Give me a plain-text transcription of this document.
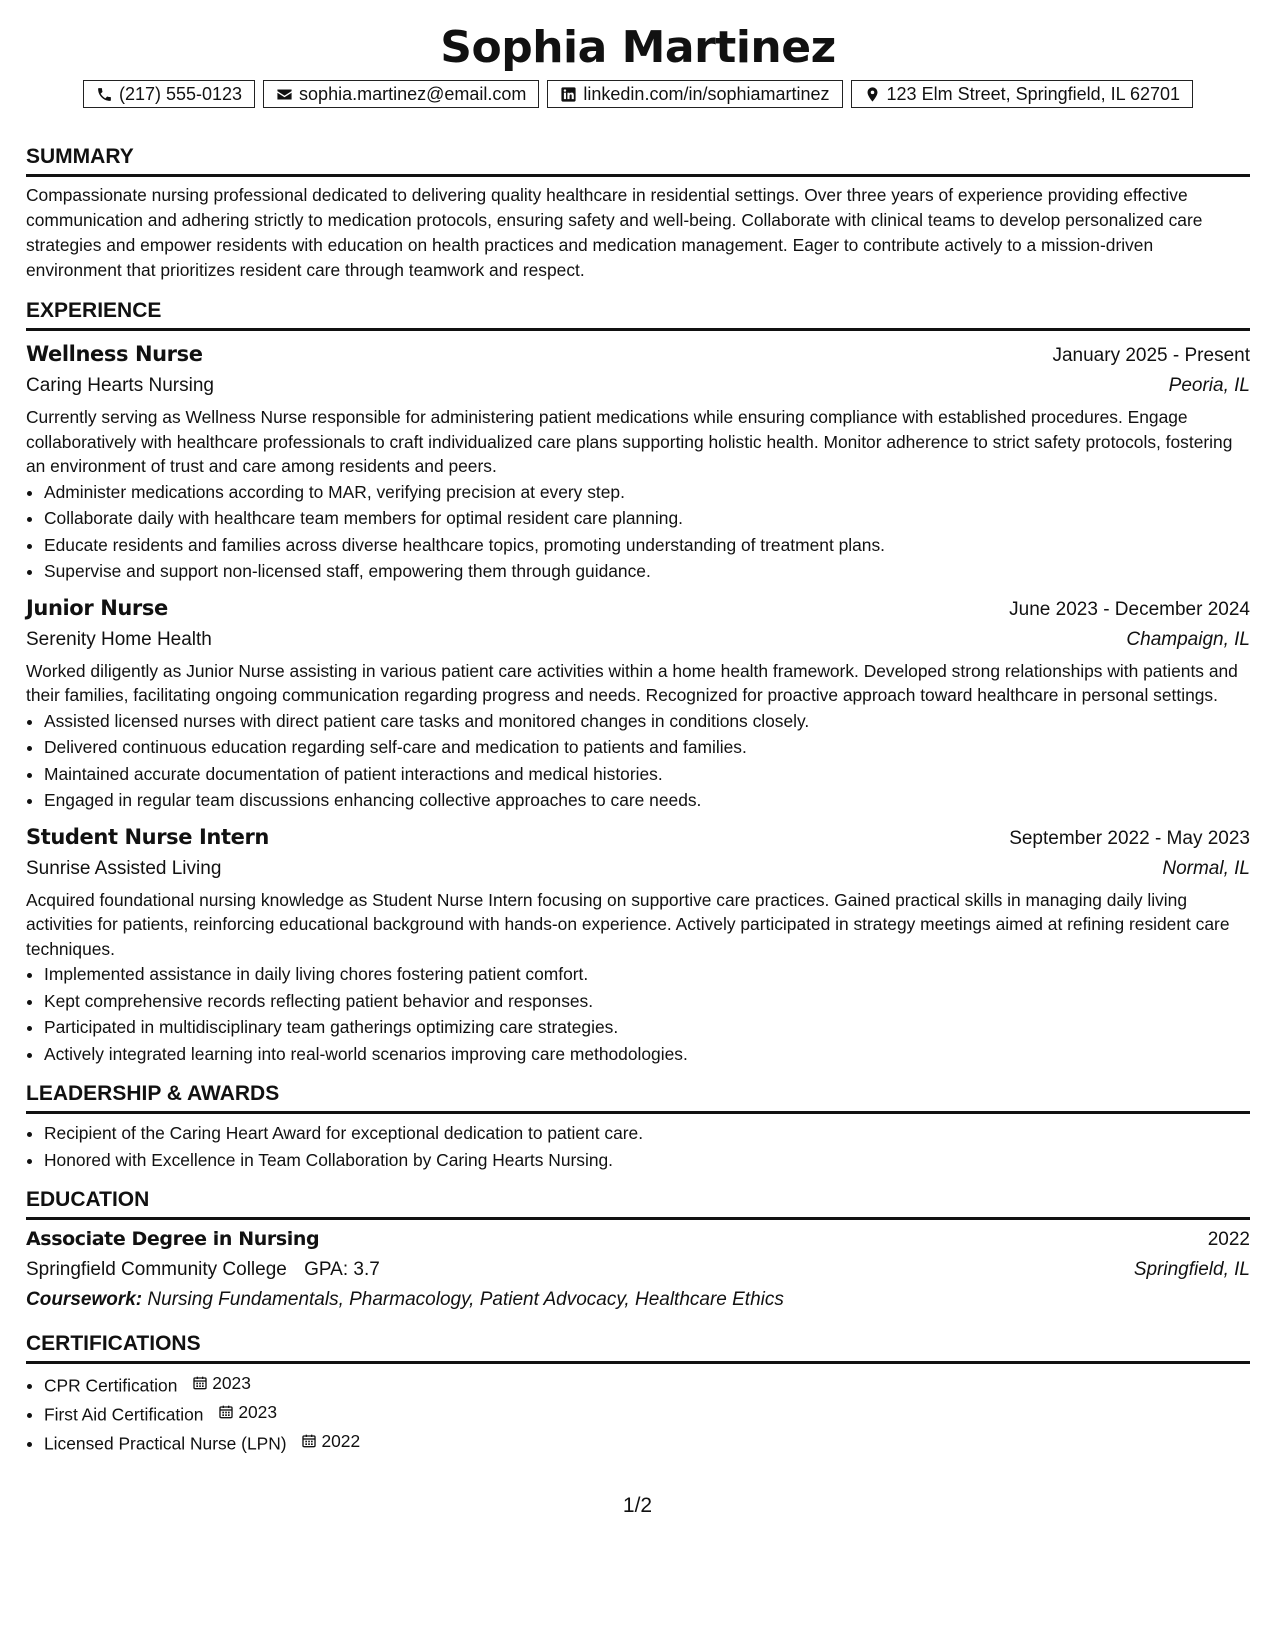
Sophia Martinez
(217) 555-0123	sophia.martinez@email.com	linkedin.com/in/sophiamartinez	123 Elm Street, Springfield, IL 62701
SUMMARY

Compassionate nursing professional dedicated to delivering quality healthcare in residential settings. Over three years of experience providing effective communication and adhering strictly to medication protocols, ensuring safety and well-being. Collaborate with clinical teams to develop personalized care strategies and empower residents with education on health practices and medication management. Eager to contribute actively to a mission-driven environment that prioritizes resident care through teamwork and respect.

EXPERIENCE
Wellness Nurse	January 2025 - Present
Caring Hearts Nursing	Peoria, IL

Currently serving as Wellness Nurse responsible for administering patient medications while ensuring compliance with established procedures. Engage collaboratively with healthcare professionals to craft individualized care plans supporting holistic health. Monitor adherence to strict safety protocols, fostering an environment of trust and care among residents and peers.

• Administer medications according to MAR, verifying precision at every step.
• Collaborate daily with healthcare team members for optimal resident care planning.
• Educate residents and families across diverse healthcare topics, promoting understanding of treatment plans.
• Supervise and support non-licensed staff, empowering them through guidance.
Junior Nurse	June 2023 - December 2024
Serenity Home Health	Champaign, IL

Worked diligently as Junior Nurse assisting in various patient care activities within a home health framework. Developed strong relationships with patients and their families, facilitating ongoing communication regarding progress and needs. Recognized for proactive approach toward healthcare in personal settings.

• Assisted licensed nurses with direct patient care tasks and monitored changes in conditions closely.
• Delivered continuous education regarding self-care and medication to patients and families.
• Maintained accurate documentation of patient interactions and medical histories.
• Engaged in regular team discussions enhancing collective approaches to care needs.
Student Nurse Intern	September 2022 - May 2023
Sunrise Assisted Living	Normal, IL

Acquired foundational nursing knowledge as Student Nurse Intern focusing on supportive care practices. Gained practical skills in managing daily living activities for patients, reinforcing educational background with hands-on experience. Actively participated in strategy meetings aimed at refining resident care techniques.

• Implemented assistance in daily living chores fostering patient comfort.
• Kept comprehensive records reflecting patient behavior and responses.
• Participated in multidisciplinary team gatherings optimizing care strategies.
• Actively integrated learning into real-world scenarios improving care methodologies.
LEADERSHIP & AWARDS
• Recipient of the Caring Heart Award for exceptional dedication to patient care.
• Honored with Excellence in Team Collaboration by Caring Hearts Nursing.
EDUCATION
Associate Degree in Nursing	2022
Springfield Community College GPA: 3.7	Springfield, IL
Coursework: Nursing Fundamentals, Pharmacology, Patient Advocacy, Healthcare Ethics
CERTIFICATIONS
• CPR Certification 2023
• First Aid Certification 2023
• Licensed Practical Nurse (LPN) 2022
1/2
